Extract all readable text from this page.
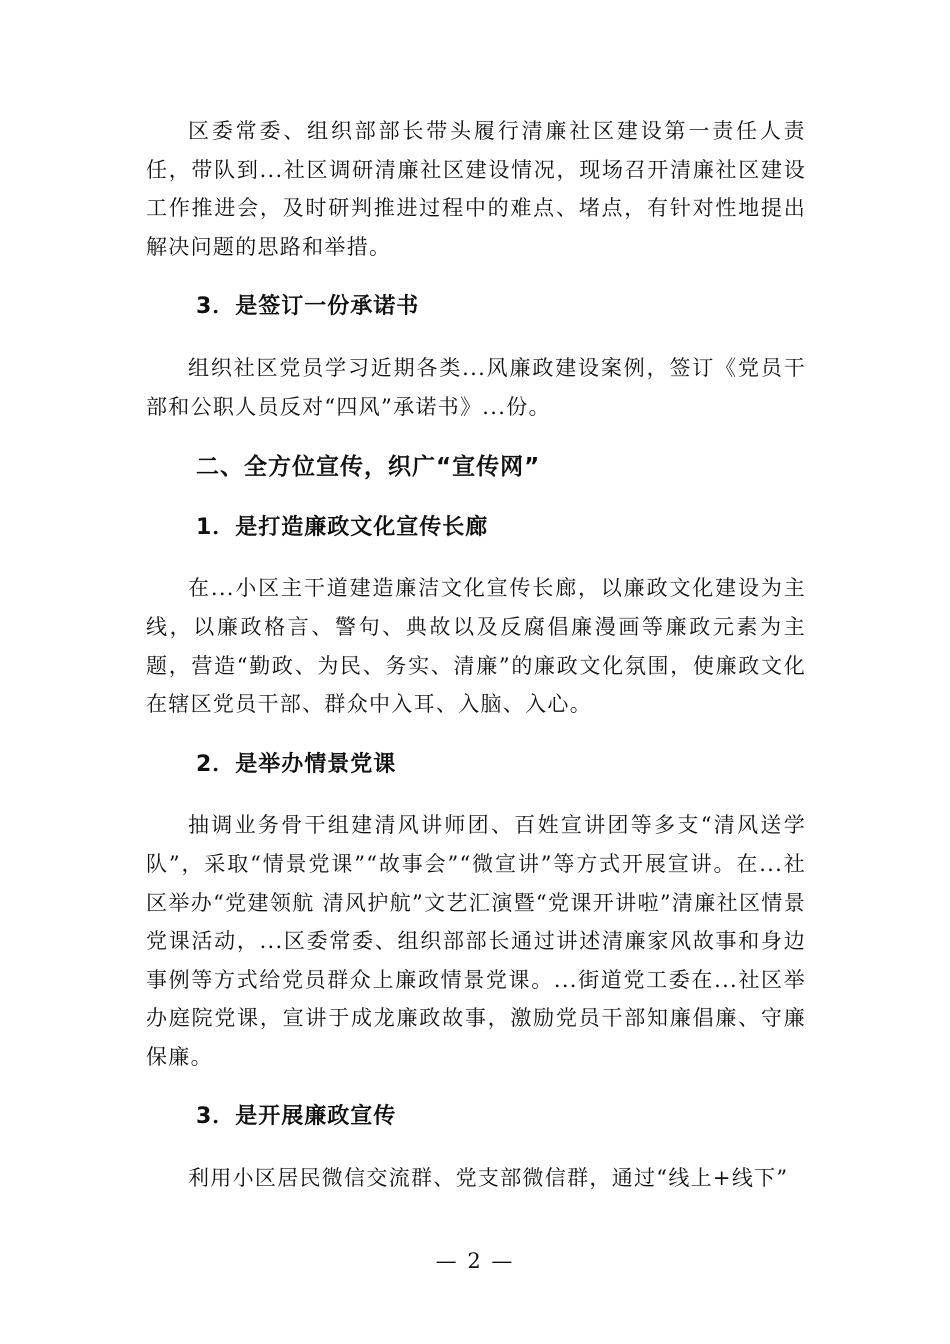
区委常委、组织部部长带头履行清廉社区建设第一责任人责任，带队到...社区调研清廉社区建设情况，现场召开清廉社区建设工作推进会，及时研判推进过程中的难点、堵点，有针对性地提出解决问题的思路和举措。

3．是签订一份承诺书

组织社区党员学习近期各类...风廉政建设案例，签订《党员干部和公职人员反对“四风”承诺书》...份。

二、全方位宣传，织广“宣传网”
1．是打造廉政文化宣传长廊

在...小区主干道建造廉洁文化宣传长廊，以廉政文化建设为主线，以廉政格言、警句、典故以及反腐倡廉漫画等廉政元素为主题，营造“勤政、为民、务实、清廉”的廉政文化氛围，使廉政文化在辖区党员干部、群众中入耳、入脑、入心。

2．是举办情景党课

抽调业务骨干组建清风讲师团、百姓宣讲团等多支“清风送学队”，采取“情景党课”“故事会”“微宣讲”等方式开展宣讲。在...社区举办“党建领航 清风护航”文艺汇演暨“党课开讲啦”清廉社区情景党课活动，...区委常委、组织部部长通过讲述清廉家风故事和身边事例等方式给党员群众上廉政情景党课。...街道党工委在...社区举办庭院党课，宣讲于成龙廉政故事，激励党员干部知廉倡廉、守廉保廉。

3．是开展廉政宣传

利用小区居民微信交流群、党支部微信群，通过“线上+线下”

— 2 —
